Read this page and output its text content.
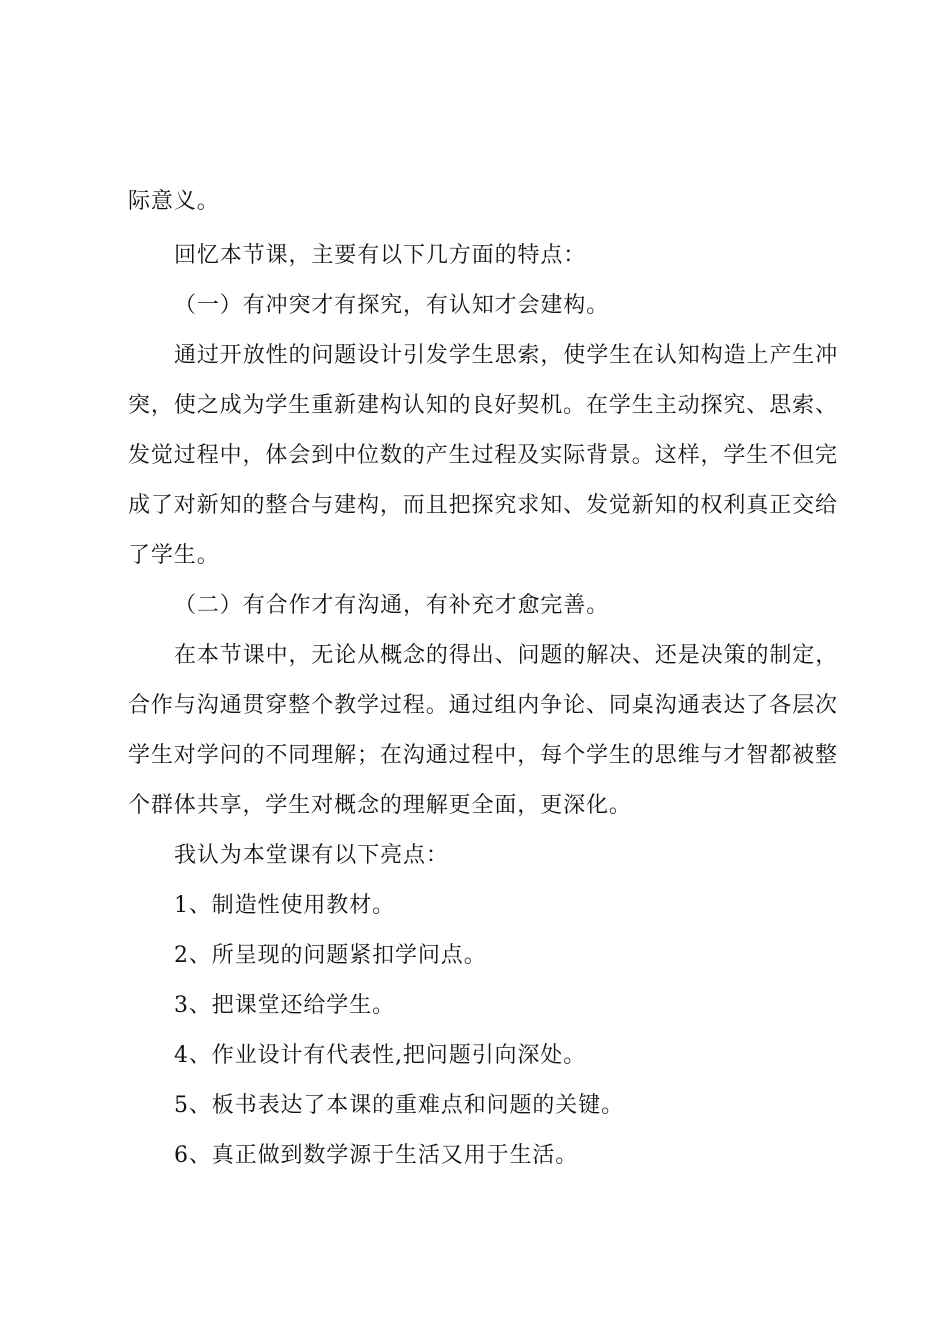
际意义。
回忆本节课，主要有以下几方面的特点：
（一）有冲突才有探究，有认知才会建构。
通过开放性的问题设计引发学生思索，使学生在认知构造上产生冲
突，使之成为学生重新建构认知的良好契机。在学生主动探究、思索、
发觉过程中，体会到中位数的产生过程及实际背景。这样，学生不但完
成了对新知的整合与建构，而且把探究求知、发觉新知的权利真正交给
了学生。
（二）有合作才有沟通，有补充才愈完善。
在本节课中，无论从概念的得出、问题的解决、还是决策的制定，
合作与沟通贯穿整个教学过程。通过组内争论、同桌沟通表达了各层次
学生对学问的不同理解；在沟通过程中，每个学生的思维与才智都被整
个群体共享，学生对概念的理解更全面，更深化。
我认为本堂课有以下亮点：
1、制造性使用教材。
2、所呈现的问题紧扣学问点。
3、把课堂还给学生。
4、作业设计有代表性,把问题引向深处。
5、板书表达了本课的重难点和问题的关键。
6、真正做到数学源于生活又用于生活。
